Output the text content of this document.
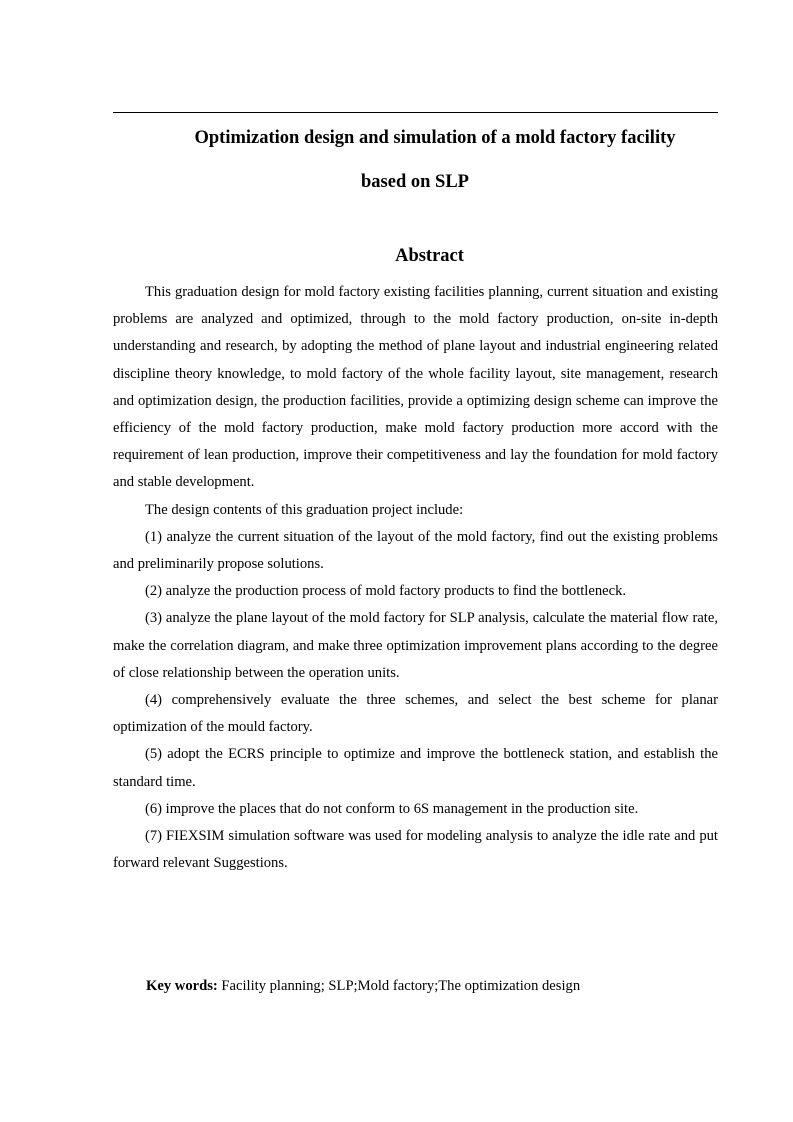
Optimization design and simulation of a mold factory facility
based on SLP
Abstract

This graduation design for mold factory existing facilities planning, current situation and existing problems are analyzed and optimized, through to the mold factory production, on-site in-depth understanding and research, by adopting the method of plane layout and industrial engineering related discipline theory knowledge, to mold factory of the whole facility layout, site management, research and optimization design, the production facilities, provide a optimizing design scheme can improve the efficiency of the mold factory production, make mold factory production more accord with the requirement of lean production, improve their competitiveness and lay the foundation for mold factory and stable development.

The design contents of this graduation project include:

(1) analyze the current situation of the layout of the mold factory, find out the existing problems and preliminarily propose solutions.

(2) analyze the production process of mold factory products to find the bottleneck.

(3) analyze the plane layout of the mold factory for SLP analysis, calculate the material flow rate, make the correlation diagram, and make three optimization improvement plans according to the degree of close relationship between the operation units.

(4) comprehensively evaluate the three schemes, and select the best scheme for planar optimization of the mould factory.

(5) adopt the ECRS principle to optimize and improve the bottleneck station, and establish the standard time.

(6) improve the places that do not conform to 6S management in the production site.

(7) FIEXSIM simulation software was used for modeling analysis to analyze the idle rate and put forward relevant Suggestions.

Key words: Facility planning; SLP;Mold factory;The optimization design
